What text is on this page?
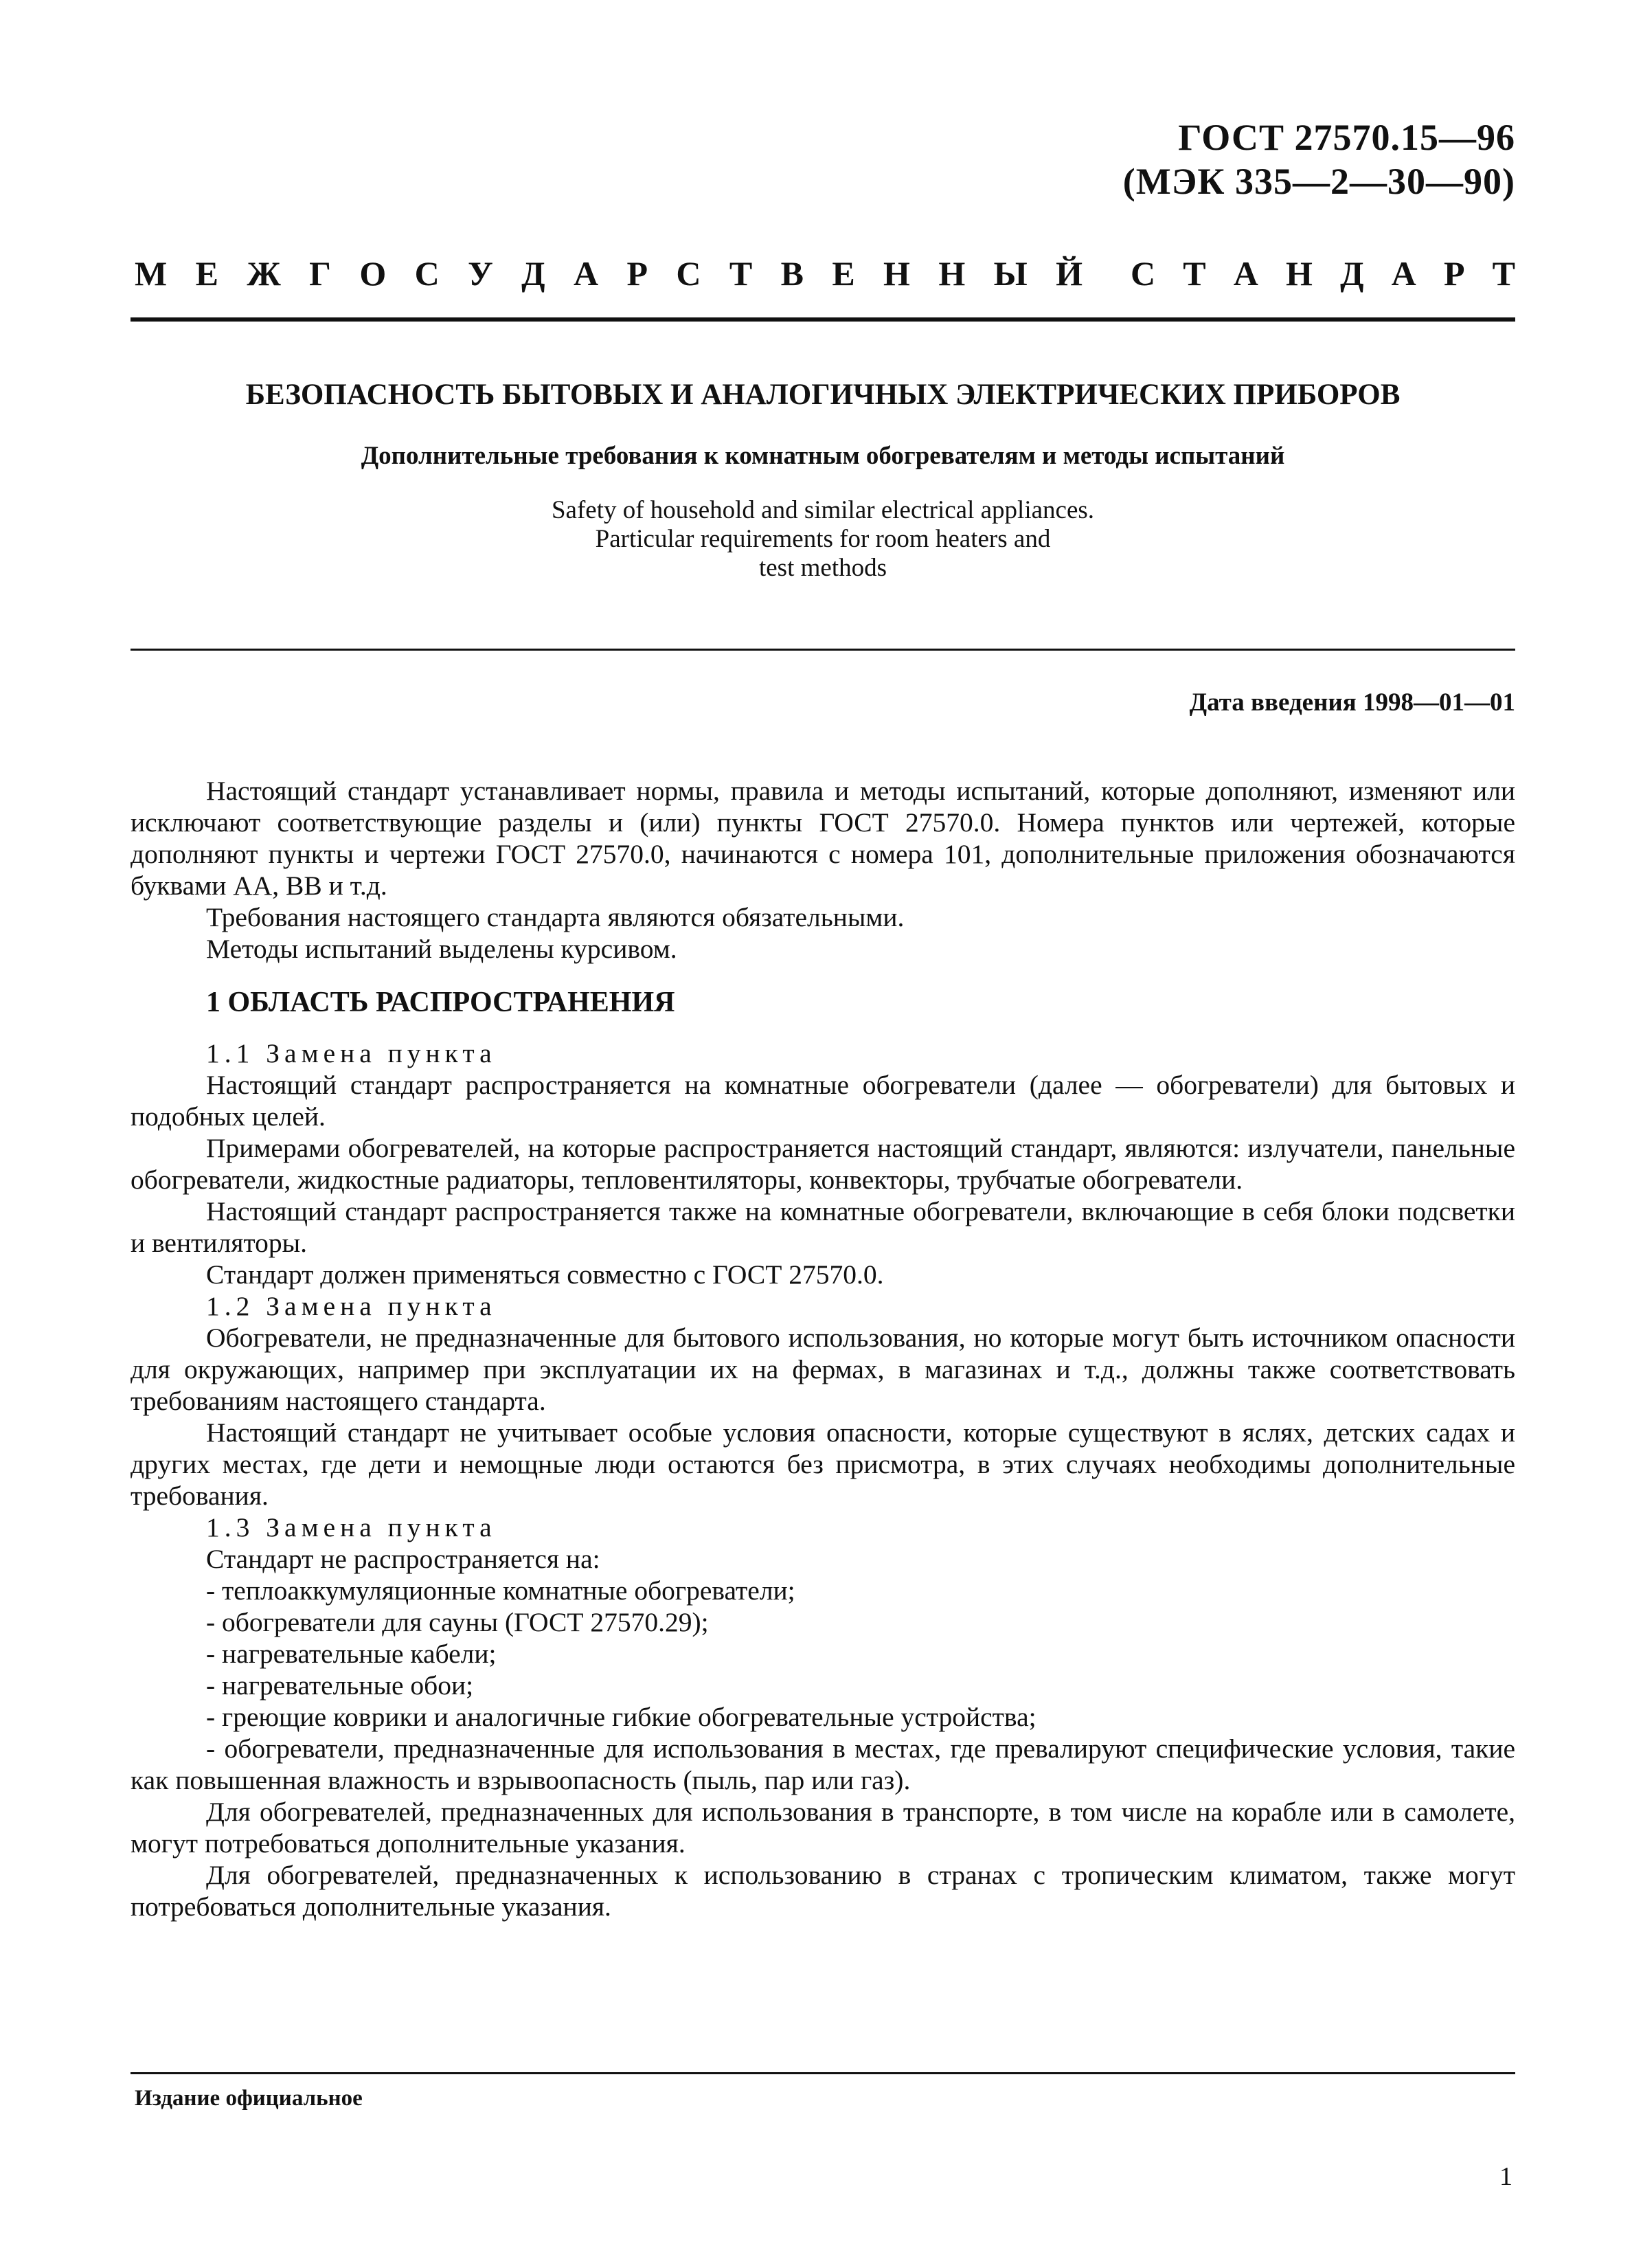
ГОСТ 27570.15—96
(МЭК 335—2—30—90)
М Е Ж Г О С У Д А Р С Т В Е Н Н Ы Й С Т А Н Д А Р Т
БЕЗОПАСНОСТЬ БЫТОВЫХ И АНАЛОГИЧНЫХ ЭЛЕКТРИЧЕСКИХ ПРИБОРОВ
Дополнительные требования к комнатным обогревателям и методы испытаний
Safety of household and similar electrical appliances.
Particular requirements for room heaters and
test methods
Дата введения 1998—01—01

Настоящий стандарт устанавливает нормы, правила и методы испытаний, которые дополняют, изменяют или исключают соответствующие разделы и (или) пункты ГОСТ 27570.0. Номера пунктов или чертежей, которые дополняют пункты и чертежи ГОСТ 27570.0, начинаются с номера 101, дополнительные приложения обозначаются буквами АА, ВВ и т.д.

Требования настоящего стандарта являются обязательными.

Методы испытаний выделены курсивом.

1 ОБЛАСТЬ РАСПРОСТРАНЕНИЯ

1.1 Замена пункта

Настоящий стандарт распространяется на комнатные обогреватели (далее — обогреватели) для бытовых и подобных целей.

Примерами обогревателей, на которые распространяется настоящий стандарт, являются: излучатели, панельные обогреватели, жидкостные радиаторы, тепловентиляторы, конвекторы, трубчатые обогреватели.

Настоящий стандарт распространяется также на комнатные обогреватели, включающие в себя блоки подсветки и вентиляторы.

Стандарт должен применяться совместно с ГОСТ 27570.0.

1.2 Замена пункта

Обогреватели, не предназначенные для бытового использования, но которые могут быть источником опасности для окружающих, например при эксплуатации их на фермах, в магазинах и т.д., должны также соответствовать требованиям настоящего стандарта.

Настоящий стандарт не учитывает особые условия опасности, которые существуют в яслях, детских садах и других местах, где дети и немощные люди остаются без присмотра, в этих случаях необходимы дополнительные требования.

1.3 Замена пункта

Стандарт не распространяется на:

- теплоаккумуляционные комнатные обогреватели;

- обогреватели для сауны (ГОСТ 27570.29);

- нагревательные кабели;

- нагревательные обои;

- греющие коврики и аналогичные гибкие обогревательные устройства;

- обогреватели, предназначенные для использования в местах, где превалируют специфические условия, такие как повышенная влажность и взрывоопасность (пыль, пар или газ).

Для обогревателей, предназначенных для использования в транспорте, в том числе на корабле или в самолете, могут потребоваться дополнительные указания.

Для обогревателей, предназначенных к использованию в странах с тропическим климатом, также могут потребоваться дополнительные указания.

Издание официальное
1
